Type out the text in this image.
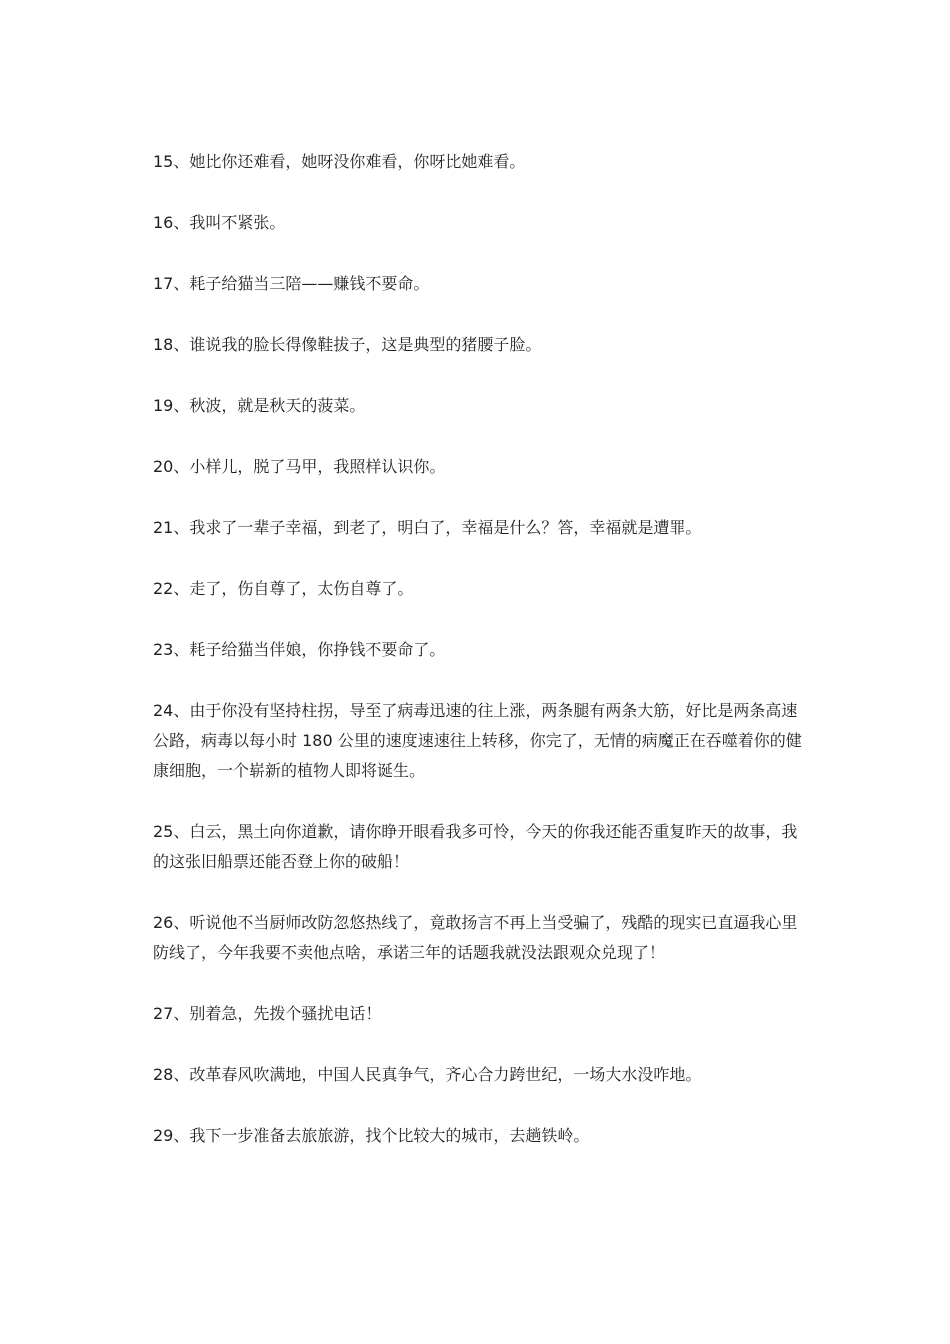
15、她比你还难看，她呀没你难看，你呀比她难看。

16、我叫不紧张。

17、耗子给猫当三陪——赚钱不要命。

18、谁说我的脸长得像鞋拔子，这是典型的猪腰子脸。

19、秋波，就是秋天的菠菜。

20、小样儿，脱了马甲，我照样认识你。

21、我求了一辈子幸福，到老了，明白了，幸福是什么？答，幸福就是遭罪。

22、走了，伤自尊了，太伤自尊了。

23、耗子给猫当伴娘，你挣钱不要命了。

24、由于你没有坚持柱拐，导至了病毒迅速的往上涨，两条腿有两条大筋，好比是两条高速公路，病毒以每小时 180 公里的速度速速往上转移，你完了，无情的病魔正在吞噬着你的健康细胞，一个崭新的植物人即将诞生。

25、白云，黑土向你道歉，请你睁开眼看我多可怜，今天的你我还能否重复昨天的故事，我的这张旧船票还能否登上你的破船！

26、听说他不当厨师改防忽悠热线了，竟敢扬言不再上当受骗了，残酷的现实已直逼我心里防线了，今年我要不卖他点啥，承诺三年的话题我就没法跟观众兑现了！

27、别着急，先拨个骚扰电话！

28、改革春风吹满地，中国人民真争气，齐心合力跨世纪，一场大水没咋地。

29、我下一步准备去旅旅游，找个比较大的城市，去趟铁岭。
